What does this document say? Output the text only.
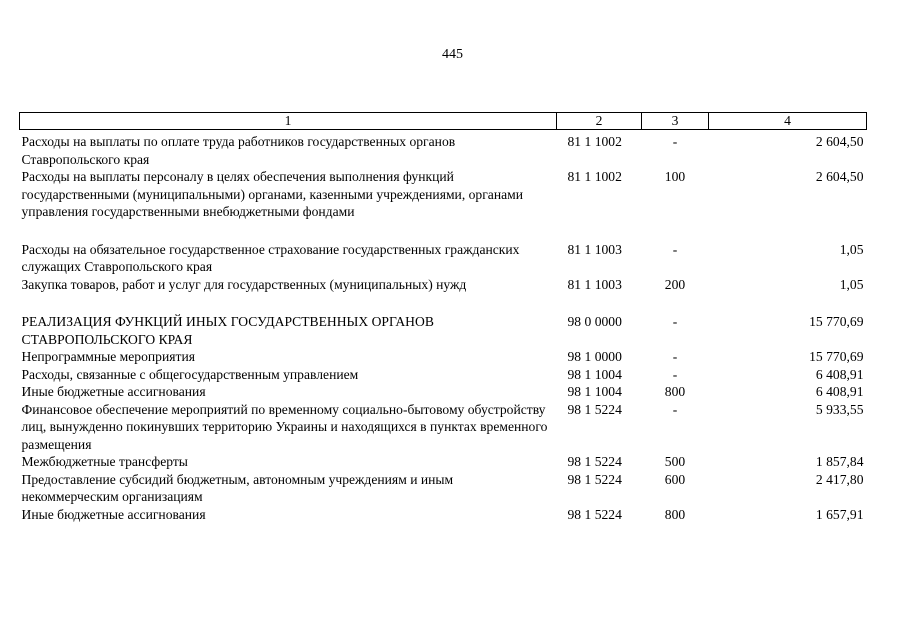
445
1	2	3	4
Расходы на выплаты по оплате труда работников государственных органов Ставропольского края	81 1 1002	-	2 604,50
Расходы на выплаты персоналу в целях обеспечения выполнения функций государственными (муниципальными) органами, казенными учреждениями, органами управления государственными внебюджетными фондами	81 1 1002	100	2 604,50
Расходы на обязательное государственное страхование государственных гражданских служащих Ставропольского края	81 1 1003	-	1,05
Закупка товаров, работ и услуг для государственных (муниципальных) нужд	81 1 1003	200	1,05
РЕАЛИЗАЦИЯ ФУНКЦИЙ ИНЫХ ГОСУДАРСТВЕННЫХ ОРГАНОВ СТАВРОПОЛЬСКОГО КРАЯ	98 0 0000	-	15 770,69
Непрограммные мероприятия	98 1 0000	-	15 770,69
Расходы, связанные с общегосударственным управлением	98 1 1004	-	6 408,91
Иные бюджетные ассигнования	98 1 1004	800	6 408,91
Финансовое обеспечение мероприятий по временному социально-бытовому обустройству лиц, вынужденно покинувших территорию Украины и находящихся в пунктах временного размещения	98 1 5224	-	5 933,55
Межбюджетные трансферты	98 1 5224	500	1 857,84
Предоставление субсидий бюджетным, автономным учреждениям и иным некоммерческим организациям	98 1 5224	600	2 417,80
Иные бюджетные ассигнования	98 1 5224	800	1 657,91
